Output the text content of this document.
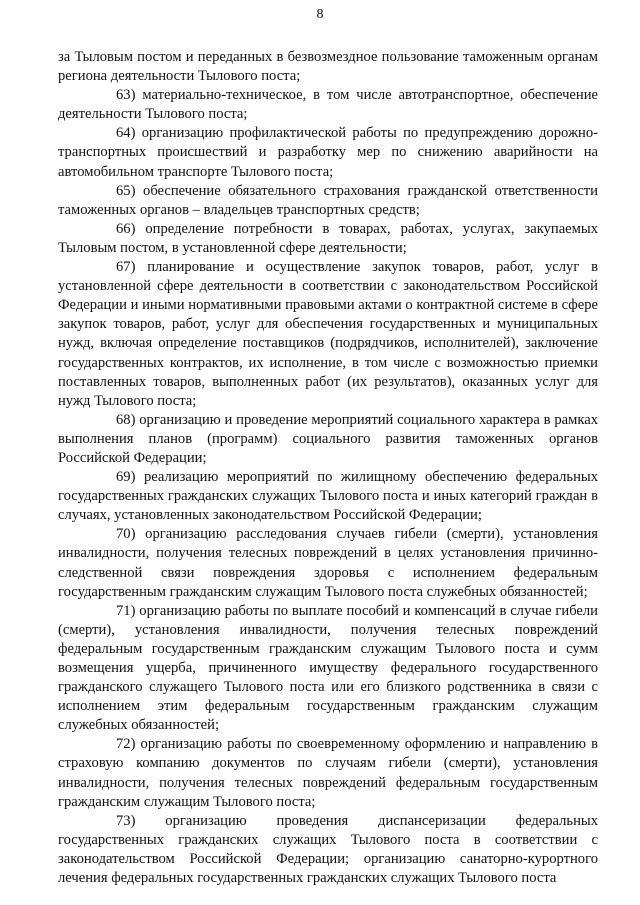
8

за Тыловым постом и переданных в безвозмездное пользование таможенным органам региона деятельности Тылового поста;

63) материально-техническое, в том числе автотранспортное, обеспечение деятельности Тылового поста;

64) организацию профилактической работы по предупреждению дорожно-транспортных происшествий и разработку мер по снижению аварийности на автомобильном транспорте Тылового поста;

65) обеспечение обязательного страхования гражданской ответственности таможенных органов – владельцев транспортных средств;

66) определение потребности в товарах, работах, услугах, закупаемых Тыловым постом, в установленной сфере деятельности;

67) планирование и осуществление закупок товаров, работ, услуг в установленной сфере деятельности в соответствии с законодательством Российской Федерации и иными нормативными правовыми актами о контрактной системе в сфере закупок товаров, работ, услуг для обеспечения государственных и муниципальных нужд, включая определение поставщиков (подрядчиков, исполнителей), заключение государственных контрактов, их исполнение, в том числе с возможностью приемки поставленных товаров, выполненных работ (их результатов), оказанных услуг для нужд Тылового поста;

68) организацию и проведение мероприятий социального характера в рамках выполнения планов (программ) социального развития таможенных органов Российской Федерации;

69) реализацию мероприятий по жилищному обеспечению федеральных государственных гражданских служащих Тылового поста и иных категорий граждан в случаях, установленных законодательством Российской Федерации;

70) организацию расследования случаев гибели (смерти), установления инвалидности, получения телесных повреждений в целях установления причинно-следственной связи повреждения здоровья с исполнением федеральным государственным гражданским служащим Тылового поста служебных обязанностей;

71) организацию работы по выплате пособий и компенсаций в случае гибели (смерти), установления инвалидности, получения телесных повреждений федеральным государственным гражданским служащим Тылового поста и сумм возмещения ущерба, причиненного имуществу федерального государственного гражданского служащего Тылового поста или его близкого родственника в связи с исполнением этим федеральным государственным гражданским служащим служебных обязанностей;

72) организацию работы по своевременному оформлению и направлению в страховую компанию документов по случаям гибели (смерти), установления инвалидности, получения телесных повреждений федеральным государственным гражданским служащим Тылового поста;

73) организацию проведения диспансеризации федеральных государственных гражданских служащих Тылового поста в соответствии с законодательством Российской Федерации; организацию санаторно-курортного лечения федеральных государственных гражданских служащих Тылового поста
